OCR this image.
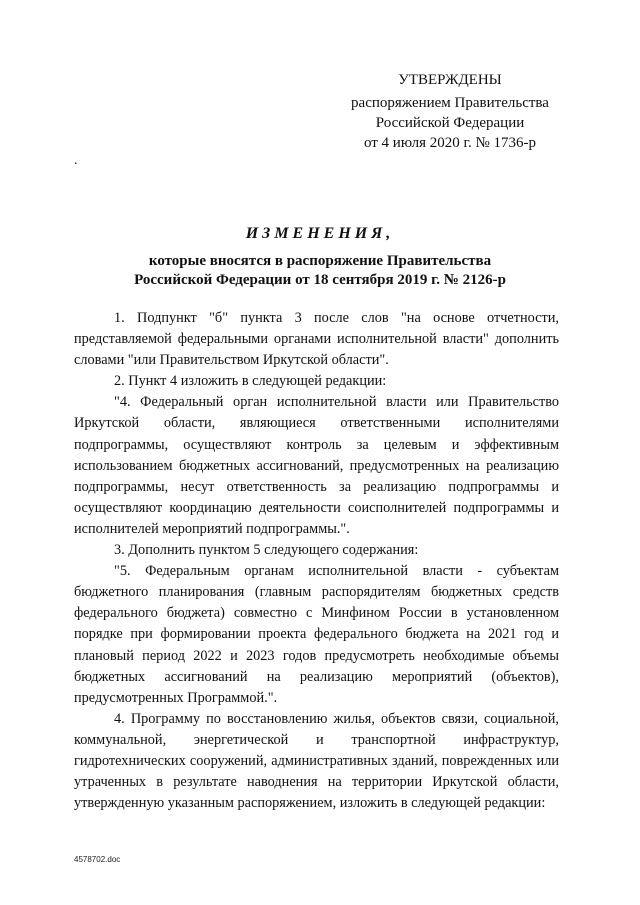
УТВЕРЖДЕНЫ
распоряжением Правительства
Российской Федерации
от 4 июля 2020 г. № 1736-р
.
ИЗМЕНЕНИЯ,
которые вносятся в распоряжение Правительства
Российской Федерации от 18 сентября 2019 г. № 2126-р

1. Подпункт "б" пункта 3 после слов "на основе отчетности, представляемой федеральными органами исполнительной власти" дополнить словами "или Правительством Иркутской области".

2. Пункт 4 изложить в следующей редакции:

"4. Федеральный орган исполнительной власти или Правительство Иркутской области, являющиеся ответственными исполнителями подпрограммы, осуществляют контроль за целевым и эффективным использованием бюджетных ассигнований, предусмотренных на реализацию подпрограммы, несут ответственность за реализацию подпрограммы и осуществляют координацию деятельности соисполнителей подпрограммы и исполнителей мероприятий подпрограммы.".

3. Дополнить пунктом 5 следующего содержания:

"5. Федеральным органам исполнительной власти - субъектам бюджетного планирования (главным распорядителям бюджетных средств федерального бюджета) совместно с Минфином России в установленном порядке при формировании проекта федерального бюджета на 2021 год и плановый период 2022 и 2023 годов предусмотреть необходимые объемы бюджетных ассигнований на реализацию мероприятий (объектов), предусмотренных Программой.".

4. Программу по восстановлению жилья, объектов связи, социальной, коммунальной, энергетической и транспортной инфраструктур, гидротехнических сооружений, административных зданий, поврежденных или утраченных в результате наводнения на территории Иркутской области, утвержденную указанным распоряжением, изложить в следующей редакции:

4578702.doc
